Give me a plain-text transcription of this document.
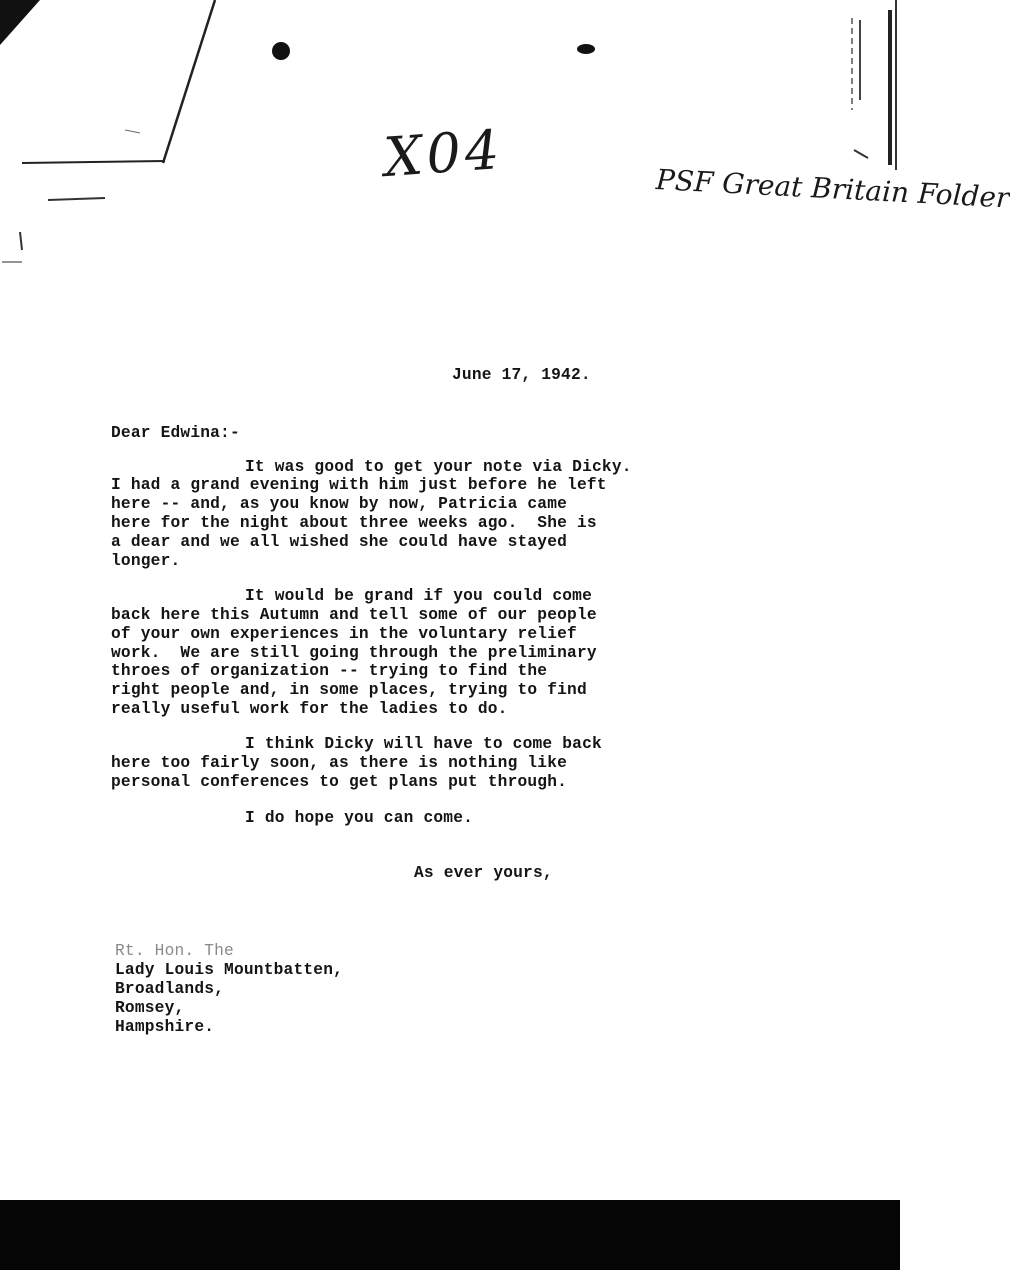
X04	PSF Great Britain Folder
June 17, 1942.
Dear Edwina:-
It was good to get your note via Dicky.
I had a grand evening with him just before he left
here -- and, as you know by now, Patricia came
here for the night about three weeks ago.  She is
a dear and we all wished she could have stayed
longer.
It would be grand if you could come
back here this Autumn and tell some of our people
of your own experiences in the voluntary relief
work.  We are still going through the preliminary
throes of organization -- trying to find the
right people and, in some places, trying to find
really useful work for the ladies to do.
I think Dicky will have to come back
here too fairly soon, as there is nothing like
personal conferences to get plans put through.
I do hope you can come.
As ever yours,
Rt. Hon. The
Lady Louis Mountbatten,
Broadlands,
Romsey,
Hampshire.
